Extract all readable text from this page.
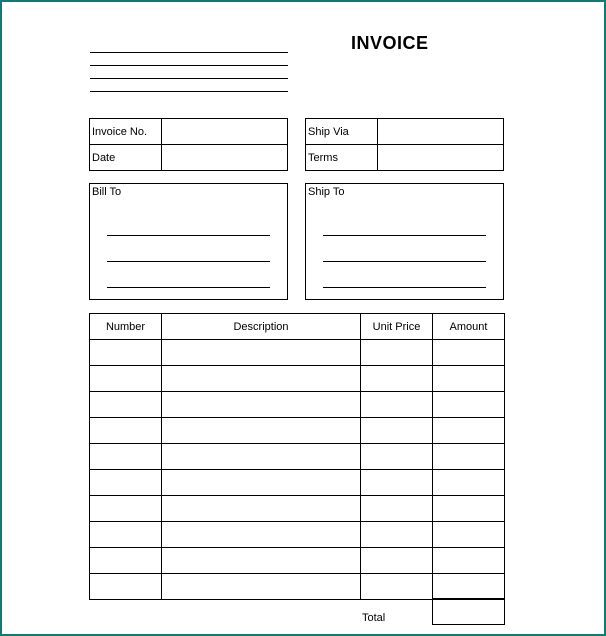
INVOICE
Invoice No.	
Date	
Ship Via	
Terms	
Bill To	Ship To
Number	Description	Unit Price	Amount

Total
